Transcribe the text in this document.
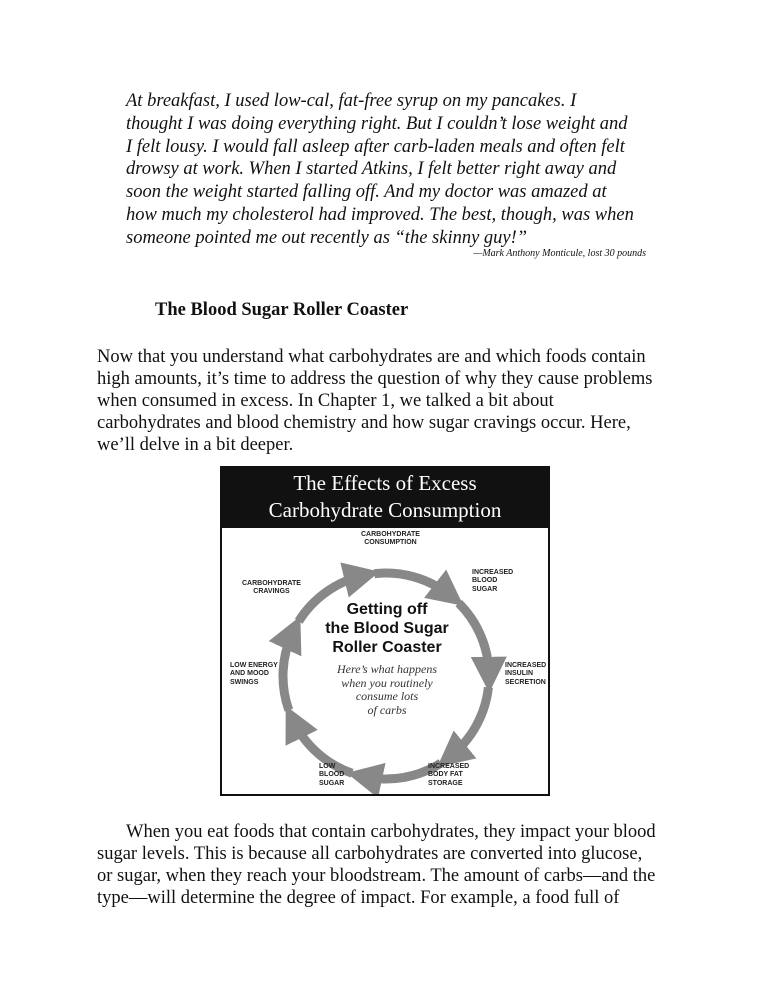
At breakfast, I used low-cal, fat-free syrup on my pancakes. I
thought I was doing everything right. But I couldn’t lose weight and
I felt lousy. I would fall asleep after carb-laden meals and often felt
drowsy at work. When I started Atkins, I felt better right away and
soon the weight started falling off. And my doctor was amazed at
how much my cholesterol had improved. The best, though, was when
someone pointed me out recently as “the skinny guy!”
—Mark Anthony Monticule, lost 30 pounds
The Blood Sugar Roller Coaster
Now that you understand what carbohydrates are and which foods contain
high amounts, it’s time to address the question of why they cause problems
when consumed in excess. In Chapter 1, we talked a bit about
carbohydrates and blood chemistry and how sugar cravings occur. Here,
we’ll delve in a bit deeper.
The Effects of Excess
Carbohydrate Consumption
CARBOHYDRATE
CONSUMPTION
INCREASED
BLOOD
SUGAR
INCREASED
INSULIN
SECRETION
INCREASED
BODY FAT
STORAGE
LOW
BLOOD
SUGAR
LOW ENERGY
AND MOOD
SWINGS
CARBOHYDRATE
CRAVINGS
Getting off
the Blood Sugar
Roller Coaster
Here’s what happens
when you routinely
consume lots
of carbs
When you eat foods that contain carbohydrates, they impact your blood
sugar levels. This is because all carbohydrates are converted into glucose,
or sugar, when they reach your bloodstream. The amount of carbs—and the
type—will determine the degree of impact. For example, a food full of
